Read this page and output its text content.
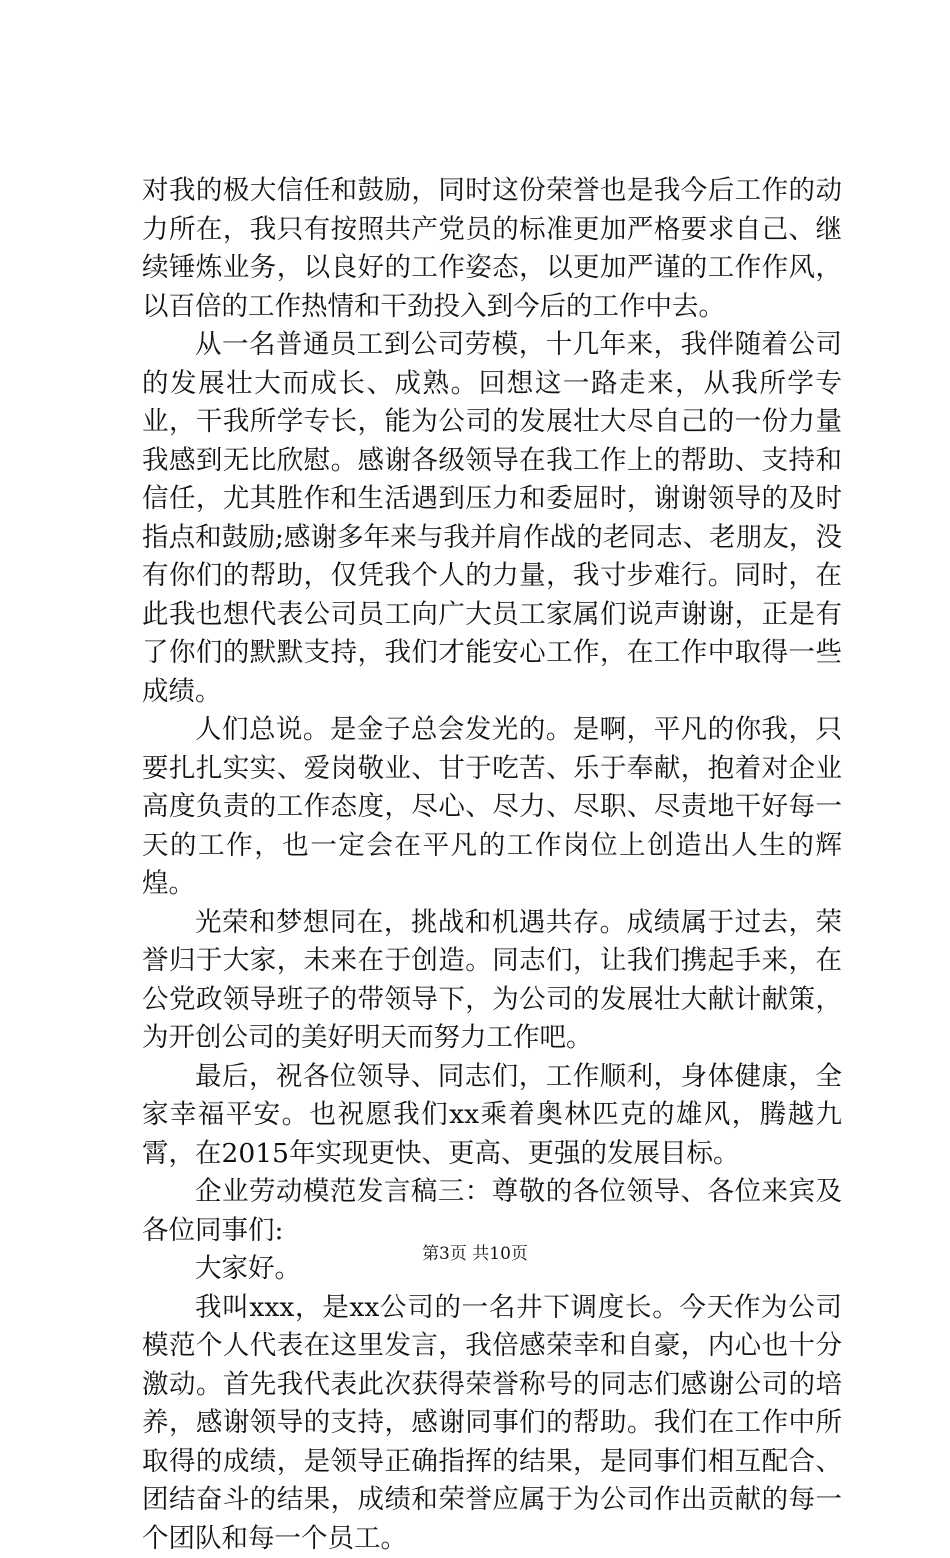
对我的极大信任和鼓励，同时这份荣誉也是我今后工作的动力所在，我只有按照共产党员的标准更加严格要求自己、继续锤炼业务，以良好的工作姿态，以更加严谨的工作作风，以百倍的工作热情和干劲投入到今后的工作中去。

从一名普通员工到公司劳模，十几年来，我伴随着公司的发展壮大而成长、成熟。回想这一路走来，从我所学专业，干我所学专长，能为公司的发展壮大尽自己的一份力量我感到无比欣慰。感谢各级领导在我工作上的帮助、支持和信任，尤其胜作和生活遇到压力和委屈时，谢谢领导的及时指点和鼓励;感谢多年来与我并肩作战的老同志、老朋友，没有你们的帮助，仅凭我个人的力量，我寸步难行。同时，在此我也想代表公司员工向广大员工家属们说声谢谢，正是有了你们的默默支持，我们才能安心工作，在工作中取得一些成绩。

人们总说。是金子总会发光的。是啊，平凡的你我，只要扎扎实实、爱岗敬业、甘于吃苦、乐于奉献，抱着对企业高度负责的工作态度，尽心、尽力、尽职、尽责地干好每一天的工作，也一定会在平凡的工作岗位上创造出人生的辉煌。

光荣和梦想同在，挑战和机遇共存。成绩属于过去，荣誉归于大家，未来在于创造。同志们，让我们携起手来，在公党政领导班子的带领导下，为公司的发展壮大献计献策，为开创公司的美好明天而努力工作吧。

最后，祝各位领导、同志们，工作顺利，身体健康，全家幸福平安。也祝愿我们xx乘着奥林匹克的雄风，腾越九霄，在2015年实现更快、更高、更强的发展目标。

企业劳动模范发言稿三：尊敬的各位领导、各位来宾及各位同事们:

大家好。

我叫xxx，是xx公司的一名井下调度长。今天作为公司模范个人代表在这里发言，我倍感荣幸和自豪，内心也十分激动。首先我代表此次获得荣誉称号的同志们感谢公司的培养，感谢领导的支持，感谢同事们的帮助。我们在工作中所取得的成绩，是领导正确指挥的结果，是同事们相互配合、团结奋斗的结果，成绩和荣誉应属于为公司作出贡献的每一个团队和每一个员工。

第3页 共10页
